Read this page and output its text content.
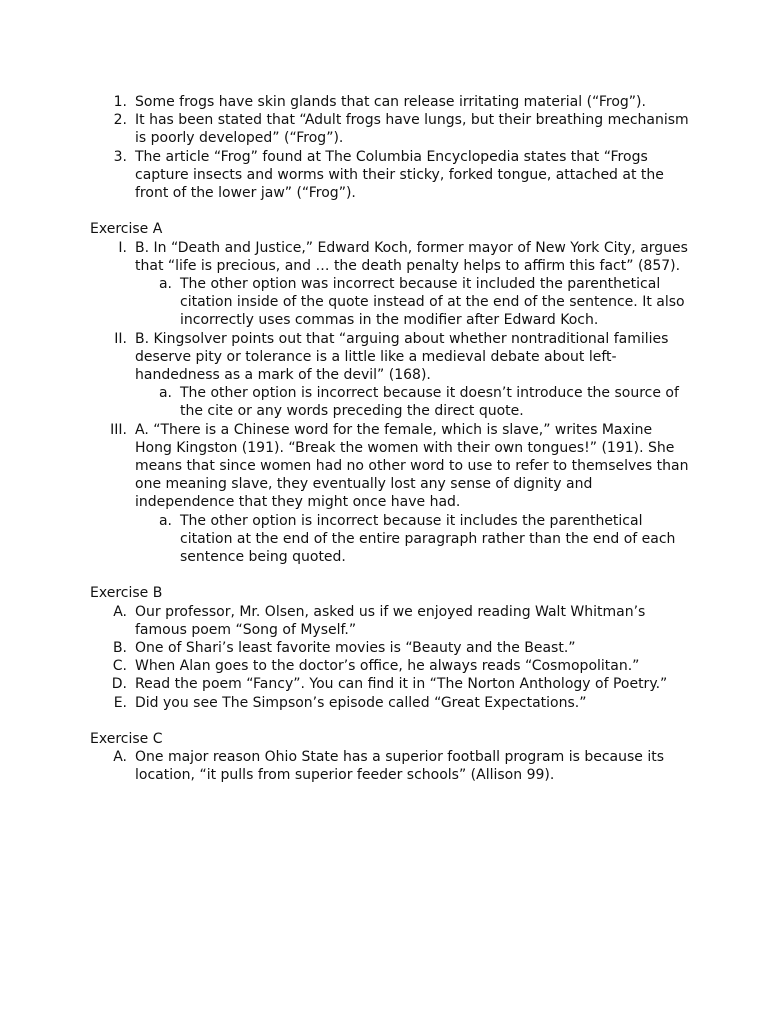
1. Some frogs have skin glands that can release irritating material (“Frog”).
2. It has been stated that “Adult frogs have lungs, but their breathing mechanism is poorly developed” (“Frog”).
3. The article “Frog” found at The Columbia Encyclopedia states that “Frogs capture insects and worms with their sticky, forked tongue, attached at the front of the lower jaw” (“Frog”).
Exercise A
I. B. In “Death and Justice,” Edward Koch, former mayor of New York City, argues that “life is precious, and … the death penalty helps to affirm this fact” (857).
a. The other option was incorrect because it included the parenthetical citation inside of the quote instead of at the end of the sentence. It also incorrectly uses commas in the modifier after Edward Koch.
II. B. Kingsolver points out that “arguing about whether nontraditional families deserve pity or tolerance is a little like a medieval debate about left-handedness as a mark of the devil” (168).
a. The other option is incorrect because it doesn’t introduce the source of the cite or any words preceding the direct quote.
III. A. “There is a Chinese word for the female, which is slave,” writes Maxine Hong Kingston (191). “Break the women with their own tongues!” (191). She means that since women had no other word to use to refer to themselves than one meaning slave, they eventually lost any sense of dignity and independence that they might once have had.
a. The other option is incorrect because it includes the parenthetical citation at the end of the entire paragraph rather than the end of each sentence being quoted.
Exercise B
A. Our professor, Mr. Olsen, asked us if we enjoyed reading Walt Whitman’s famous poem “Song of Myself.”
B. One of Shari’s least favorite movies is “Beauty and the Beast.”
C. When Alan goes to the doctor’s office, he always reads “Cosmopolitan.”
D. Read the poem “Fancy”. You can find it in “The Norton Anthology of Poetry.”
E. Did you see The Simpson’s episode called “Great Expectations.”
Exercise C
A. One major reason Ohio State has a superior football program is because its location, “it pulls from superior feeder schools” (Allison 99).
